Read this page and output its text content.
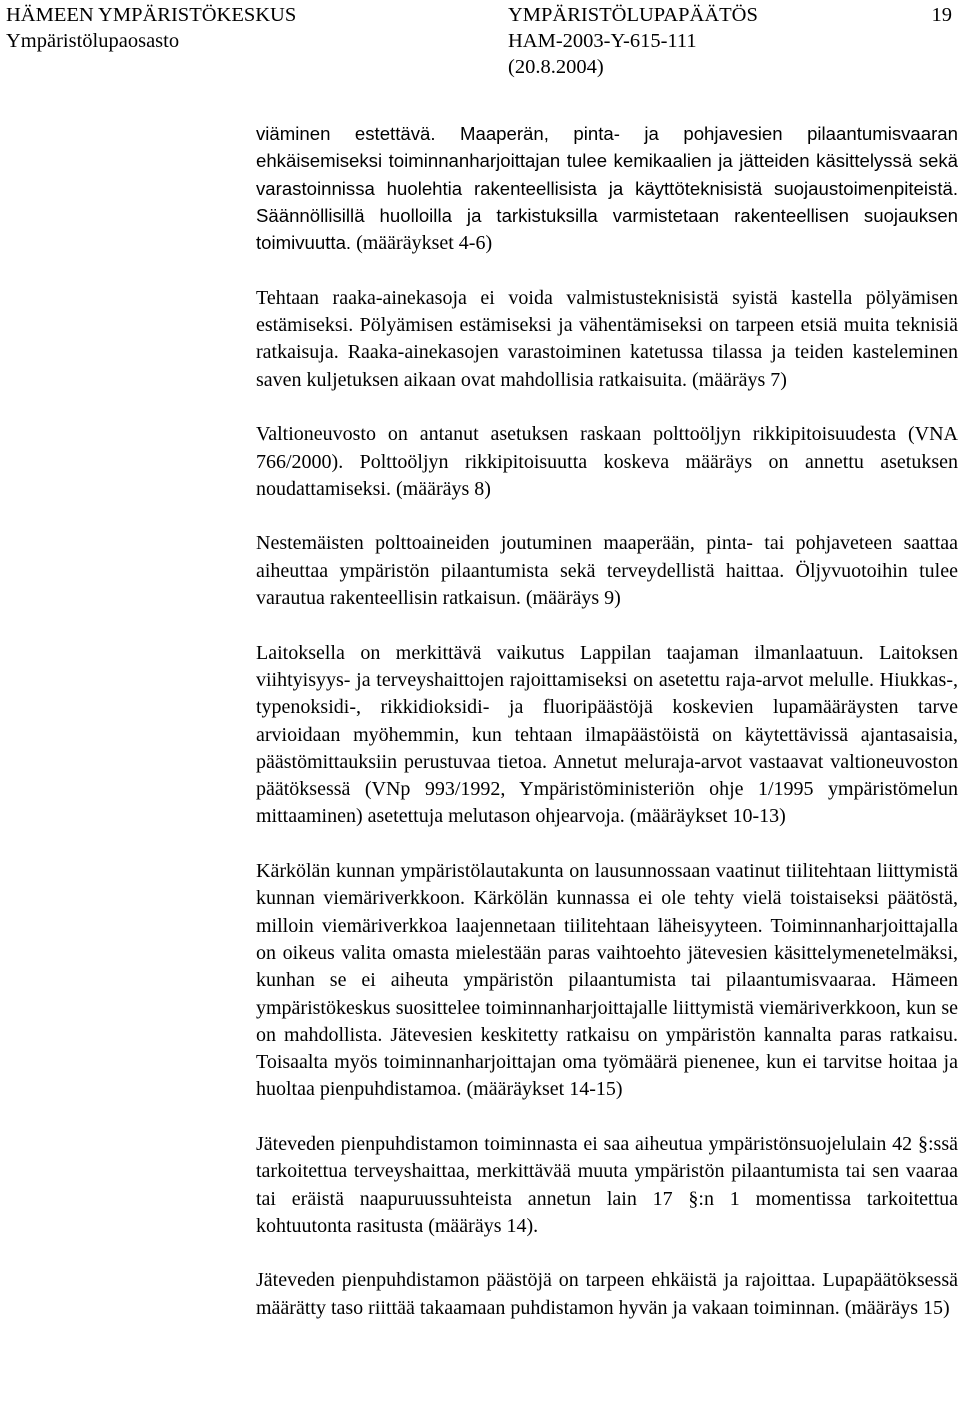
HÄMEEN YMPÄRISTÖKESKUS
Ympäristölupaosasto
YMPÄRISTÖLUPAPÄÄTÖS
HAM-2003-Y-615-111
(20.8.2004)
19

viäminen estettävä. Maaperän, pinta- ja pohjavesien pilaantumisvaaran ehkäisemiseksi toiminnanharjoittajan tulee kemikaalien ja jätteiden käsittelyssä sekä varastoinnissa huolehtia rakenteellisista ja käyttöteknisistä suojaustoimenpiteistä. Säännöllisillä huolloilla ja tarkistuksilla varmistetaan rakenteellisen suojauksen toimivuutta. (määräykset 4-6)

Tehtaan raaka-ainekasoja ei voida valmistusteknisistä syistä kastella pölyämisen estämiseksi. Pölyämisen estämiseksi ja vähentämiseksi on tarpeen etsiä muita teknisiä ratkaisuja. Raaka-ainekasojen varastoiminen katetussa tilassa ja teiden kasteleminen saven kuljetuksen aikaan ovat mahdollisia ratkaisuita. (määräys 7)

Valtioneuvosto on antanut asetuksen raskaan polttoöljyn rikkipitoisuudesta (VNA 766/2000). Polttoöljyn rikkipitoisuutta koskeva määräys on annettu asetuksen noudattamiseksi. (määräys 8)

Nestemäisten polttoaineiden joutuminen maaperään, pinta- tai pohjaveteen saattaa aiheuttaa ympäristön pilaantumista sekä terveydellistä haittaa. Öljyvuotoihin tulee varautua rakenteellisin ratkaisun. (määräys 9)

Laitoksella on merkittävä vaikutus Lappilan taajaman ilmanlaatuun. Laitoksen viihtyisyys- ja terveyshaittojen rajoittamiseksi on asetettu raja-arvot melulle. Hiukkas-, typenoksidi-, rikkidioksidi- ja fluoripäästöjä koskevien lupamääräysten tarve arvioidaan myöhemmin, kun tehtaan ilmapäästöistä on käytettävissä ajantasaisia, päästömittauksiin perustuvaa tietoa. Annetut meluraja-arvot vastaavat valtioneuvoston päätöksessä (VNp 993/1992, Ympäristöministeriön ohje 1/1995 ympäristömelun mittaaminen) asetettuja melutason ohjearvoja. (määräykset 10-13)

Kärkölän kunnan ympäristölautakunta on lausunnossaan vaatinut tiilitehtaan liittymistä kunnan viemäriverkkoon. Kärkölän kunnassa ei ole tehty vielä toistaiseksi päätöstä, milloin viemäriverkkoa laajennetaan tiilitehtaan läheisyyteen. Toiminnanharjoittajalla on oikeus valita omasta mielestään paras vaihtoehto jätevesien käsittelymenetelmäksi, kunhan se ei aiheuta ympäristön pilaantumista tai pilaantumisvaaraa. Hämeen ympäristökeskus suosittelee toiminnanharjoittajalle liittymistä viemäriverkkoon, kun se on mahdollista. Jätevesien keskitetty ratkaisu on ympäristön kannalta paras ratkaisu. Toisaalta myös toiminnanharjoittajan oma työmäärä pienenee, kun ei tarvitse hoitaa ja huoltaa pienpuhdistamoa. (määräykset 14-15)

Jäteveden pienpuhdistamon toiminnasta ei saa aiheutua ympäristönsuojelulain 42 §:ssä tarkoitettua terveyshaittaa, merkittävää muuta ympäristön pilaantumista tai sen vaaraa tai eräistä naapuruussuhteista annetun lain 17 §:n 1 momentissa tarkoitettua kohtuutonta rasitusta (määräys 14).

Jäteveden pienpuhdistamon päästöjä on tarpeen ehkäistä ja rajoittaa. Lupapäätöksessä määrätty taso riittää takaamaan puhdistamon hyvän ja vakaan toiminnan. (määräys 15)
